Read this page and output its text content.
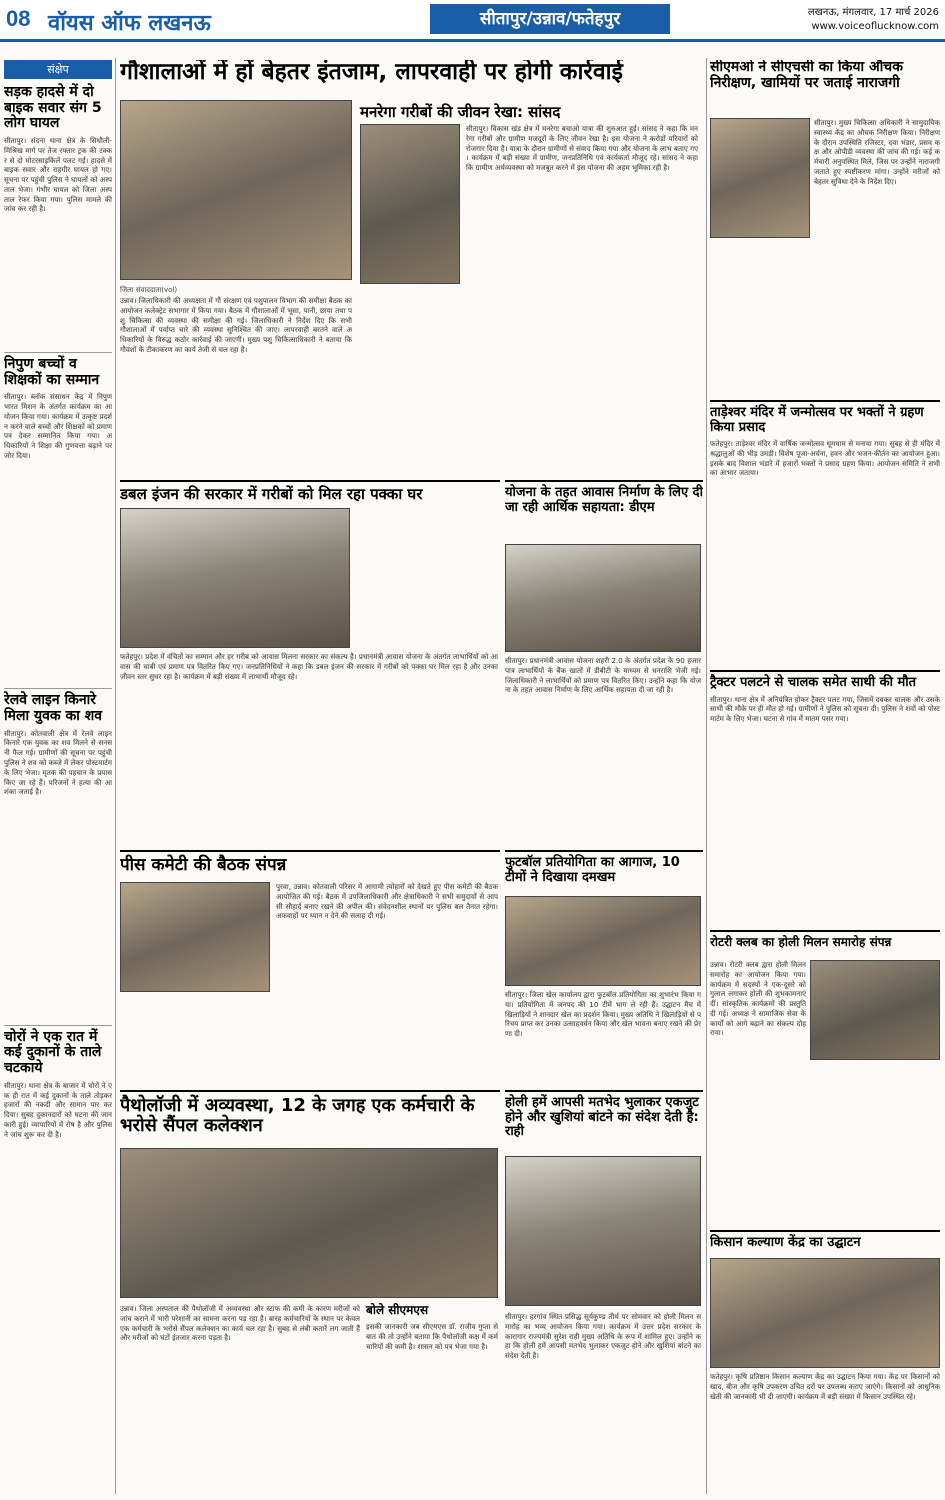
08 वॉयस ऑफ लखनऊ	सीतापुर/उन्नाव/फतेहपुर	लखनऊ, मंगलवार, 17 मार्च 2026
www.voiceoflucknow.com
संक्षेप
सड़क हादसे में दो बाइक सवार संग 5 लोग घायल
सीतापुर। संदना थाना क्षेत्र के सिधौली-मिश्रिख मार्ग पर तेज रफ्तार ट्रक की टक्कर से दो मोटरसाइकिलें पलट गईं। हादसे में बाइक सवार और राहगीर घायल हो गए। सूचना पर पहुंची पुलिस ने घायलों को अस्पताल भेजा। गंभीर घायल को जिला अस्पताल रेफर किया गया। पुलिस मामले की जांच कर रही है।
निपुण बच्चों व शिक्षकों का सम्मान
सीतापुर। ब्लॉक संसाधन केंद्र में निपुण भारत मिशन के अंतर्गत कार्यक्रम का आयोजन किया गया। कार्यक्रम में उत्कृष्ट प्रदर्शन करने वाले बच्चों और शिक्षकों को प्रमाण पत्र देकर सम्मानित किया गया। अधिकारियों ने शिक्षा की गुणवत्ता बढ़ाने पर जोर दिया।
रेलवे लाइन किनारे मिला युवक का शव
सीतापुर। कोतवाली क्षेत्र में रेलवे लाइन किनारे एक युवक का शव मिलने से सनसनी फैल गई। ग्रामीणों की सूचना पर पहुंची पुलिस ने शव को कब्जे में लेकर पोस्टमार्टम के लिए भेजा। मृतक की पहचान के प्रयास किए जा रहे हैं। परिजनों ने हत्या की आशंका जताई है।
चोरों ने एक रात में कई दुकानों के ताले चटकाये
सीतापुर। थाना क्षेत्र के बाजार में चोरों ने एक ही रात में कई दुकानों के ताले तोड़कर हजारों की नकदी और सामान पार कर दिया। सुबह दुकानदारों को घटना की जानकारी हुई। व्यापारियों में रोष है और पुलिस ने जांच शुरू कर दी है।
गौशालाओं में हों बेहतर इंतजाम, लापरवाही पर होगी कार्रवाई
जिला संवाददाता(vol)
उन्नाव। जिलाधिकारी की अध्यक्षता में गौ संरक्षण एवं पशुपालन विभाग की समीक्षा बैठक का आयोजन कलेक्ट्रेट सभागार में किया गया। बैठक में गौशालाओं में भूसा, पानी, छाया तथा पशु चिकित्सा की व्यवस्था की समीक्षा की गई। जिलाधिकारी ने निर्देश दिए कि सभी गौशालाओं में पर्याप्त चारे की व्यवस्था सुनिश्चित की जाए। लापरवाही बरतने वाले अधिकारियों के विरुद्ध कठोर कार्रवाई की जाएगी। मुख्य पशु चिकित्साधिकारी ने बताया कि गौवंशों के टीकाकरण का कार्य तेजी से चल रहा है।
मनरेगा गरीबों की जीवन रेखा: सांसद
सीतापुर। विकास खंड क्षेत्र में मनरेगा बचाओ यात्रा की शुरुआत हुई। सांसद ने कहा कि मनरेगा गरीबों और ग्रामीण मजदूरों के लिए जीवन रेखा है। इस योजना ने करोड़ों परिवारों को रोजगार दिया है। यात्रा के दौरान ग्रामीणों से संवाद किया गया और योजना के लाभ बताए गए। कार्यक्रम में बड़ी संख्या में ग्रामीण, जनप्रतिनिधि एवं कार्यकर्ता मौजूद रहे। सांसद ने कहा कि ग्रामीण अर्थव्यवस्था को मजबूत करने में इस योजना की अहम भूमिका रही है।
डबल इंजन की सरकार में गरीबों को मिल रहा पक्का घर
फतेहपुर। प्रदेश में वंचितों का सम्मान और हर गरीब को आवास मिलना सरकार का संकल्प है। प्रधानमंत्री आवास योजना के अंतर्गत लाभार्थियों को आवास की चाबी एवं प्रमाण पत्र वितरित किए गए। जनप्रतिनिधियों ने कहा कि डबल इंजन की सरकार में गरीबों को पक्का घर मिल रहा है और उनका जीवन स्तर सुधर रहा है। कार्यक्रम में बड़ी संख्या में लाभार्थी मौजूद रहे।
पीस कमेटी की बैठक संपन्न
पुरवा, उन्नाव। कोतवाली परिसर में आगामी त्योहारों को देखते हुए पीस कमेटी की बैठक आयोजित की गई। बैठक में उपजिलाधिकारी और क्षेत्राधिकारी ने सभी समुदायों से आपसी सौहार्द बनाए रखने की अपील की। संवेदनशील स्थानों पर पुलिस बल तैनात रहेगा। अफवाहों पर ध्यान न देने की सलाह दी गई।
पैथोलॉजी में अव्यवस्था, 12 के जगह एक कर्मचारी के भरोसे सैंपल कलेक्शन
उन्नाव। जिला अस्पताल की पैथोलॉजी में अव्यवस्था और स्टाफ की कमी के कारण मरीजों को जांच कराने में भारी परेशानी का सामना करना पड़ रहा है। बारह कर्मचारियों के स्थान पर केवल एक कर्मचारी के भरोसे सैंपल कलेक्शन का कार्य चल रहा है। सुबह से लंबी कतारें लग जाती हैं और मरीजों को घंटों इंतजार करना पड़ता है।
बोले सीएमएस
इसकी जानकारी जब सीएमएस डॉ. राजीव गुप्ता से बात की तो उन्होंने बताया कि पैथोलॉजी कक्ष में कर्मचारियों की कमी है। शासन को पत्र भेजा गया है।
योजना के तहत आवास निर्माण के लिए दी जा रही आर्थिक सहायता: डीएम
सीतापुर। प्रधानमंत्री आवास योजना शहरी 2.0 के अंतर्गत प्रदेश के 90 हजार पात्र लाभार्थियों के बैंक खातों में डीबीटी के माध्यम से धनराशि भेजी गई। जिलाधिकारी ने लाभार्थियों को प्रमाण पत्र वितरित किए। उन्होंने कहा कि योजना के तहत आवास निर्माण के लिए आर्थिक सहायता दी जा रही है।
फुटबॉल प्रतियोगिता का आगाज, 10 टीमों ने दिखाया दमखम
सीतापुर। जिला खेल कार्यालय द्वारा फुटबॉल प्रतियोगिता का शुभारंभ किया गया। प्रतियोगिता में जनपद की 10 टीमें भाग ले रही हैं। उद्घाटन मैच में खिलाड़ियों ने शानदार खेल का प्रदर्शन किया। मुख्य अतिथि ने खिलाड़ियों से परिचय प्राप्त कर उनका उत्साहवर्धन किया और खेल भावना बनाए रखने की प्रेरणा दी।
होली हमें आपसी मतभेद भुलाकर एकजुट होने और खुशियां बांटने का संदेश देती है: राही
सीतापुर। हरगांव स्थित प्रसिद्ध सूर्यकुण्ड तीर्थ पर सोमवार को होली मिलन समारोह का भव्य आयोजन किया गया। कार्यक्रम में उत्तर प्रदेश सरकार के कारागार राज्यमंत्री सुरेश राही मुख्य अतिथि के रूप में शामिल हुए। उन्होंने कहा कि होली हमें आपसी मतभेद भुलाकर एकजुट होने और खुशियां बांटने का संदेश देती है।
सीएमओ ने सीएचसी का किया औचक निरीक्षण, खामियों पर जताई नाराजगी
सीतापुर। मुख्य चिकित्सा अधिकारी ने सामुदायिक स्वास्थ्य केंद्र का औचक निरीक्षण किया। निरीक्षण के दौरान उपस्थिति रजिस्टर, दवा भंडार, प्रसव कक्ष और ओपीडी व्यवस्था की जांच की गई। कई कर्मचारी अनुपस्थित मिले, जिस पर उन्होंने नाराजगी जताते हुए स्पष्टीकरण मांगा। उन्होंने मरीजों को बेहतर सुविधा देने के निर्देश दिए।
ताड़ेश्वर मंदिर में जन्मोत्सव पर भक्तों ने ग्रहण किया प्रसाद
फतेहपुर। ताड़ेश्वर मंदिर में वार्षिक जन्मोत्सव धूमधाम से मनाया गया। सुबह से ही मंदिर में श्रद्धालुओं की भीड़ उमड़ी। विशेष पूजा-अर्चना, हवन और भजन-कीर्तन का आयोजन हुआ। इसके बाद विशाल भंडारे में हजारों भक्तों ने प्रसाद ग्रहण किया। आयोजन समिति ने सभी का आभार जताया।
ट्रैक्टर पलटने से चालक समेत साथी की मौत
सीतापुर। थाना क्षेत्र में अनियंत्रित होकर ट्रैक्टर पलट गया, जिसमें दबकर चालक और उसके साथी की मौके पर ही मौत हो गई। ग्रामीणों ने पुलिस को सूचना दी। पुलिस ने शवों को पोस्टमार्टम के लिए भेजा। घटना से गांव में मातम पसर गया।
रोटरी क्लब का होली मिलन समारोह संपन्न
उन्नाव। रोटरी क्लब द्वारा होली मिलन समारोह का आयोजन किया गया। कार्यक्रम में सदस्यों ने एक-दूसरे को गुलाल लगाकर होली की शुभकामनाएं दीं। सांस्कृतिक कार्यक्रमों की प्रस्तुति दी गई। अध्यक्ष ने सामाजिक सेवा के कार्यों को आगे बढ़ाने का संकल्प दोहराया।
किसान कल्याण केंद्र का उद्घाटन
फतेहपुर। कृषि प्रतिष्ठान किसान कल्याण केंद्र का उद्घाटन किया गया। केंद्र पर किसानों को खाद, बीज और कृषि उपकरण उचित दरों पर उपलब्ध कराए जाएंगे। किसानों को आधुनिक खेती की जानकारी भी दी जाएगी। कार्यक्रम में बड़ी संख्या में किसान उपस्थित रहे।
